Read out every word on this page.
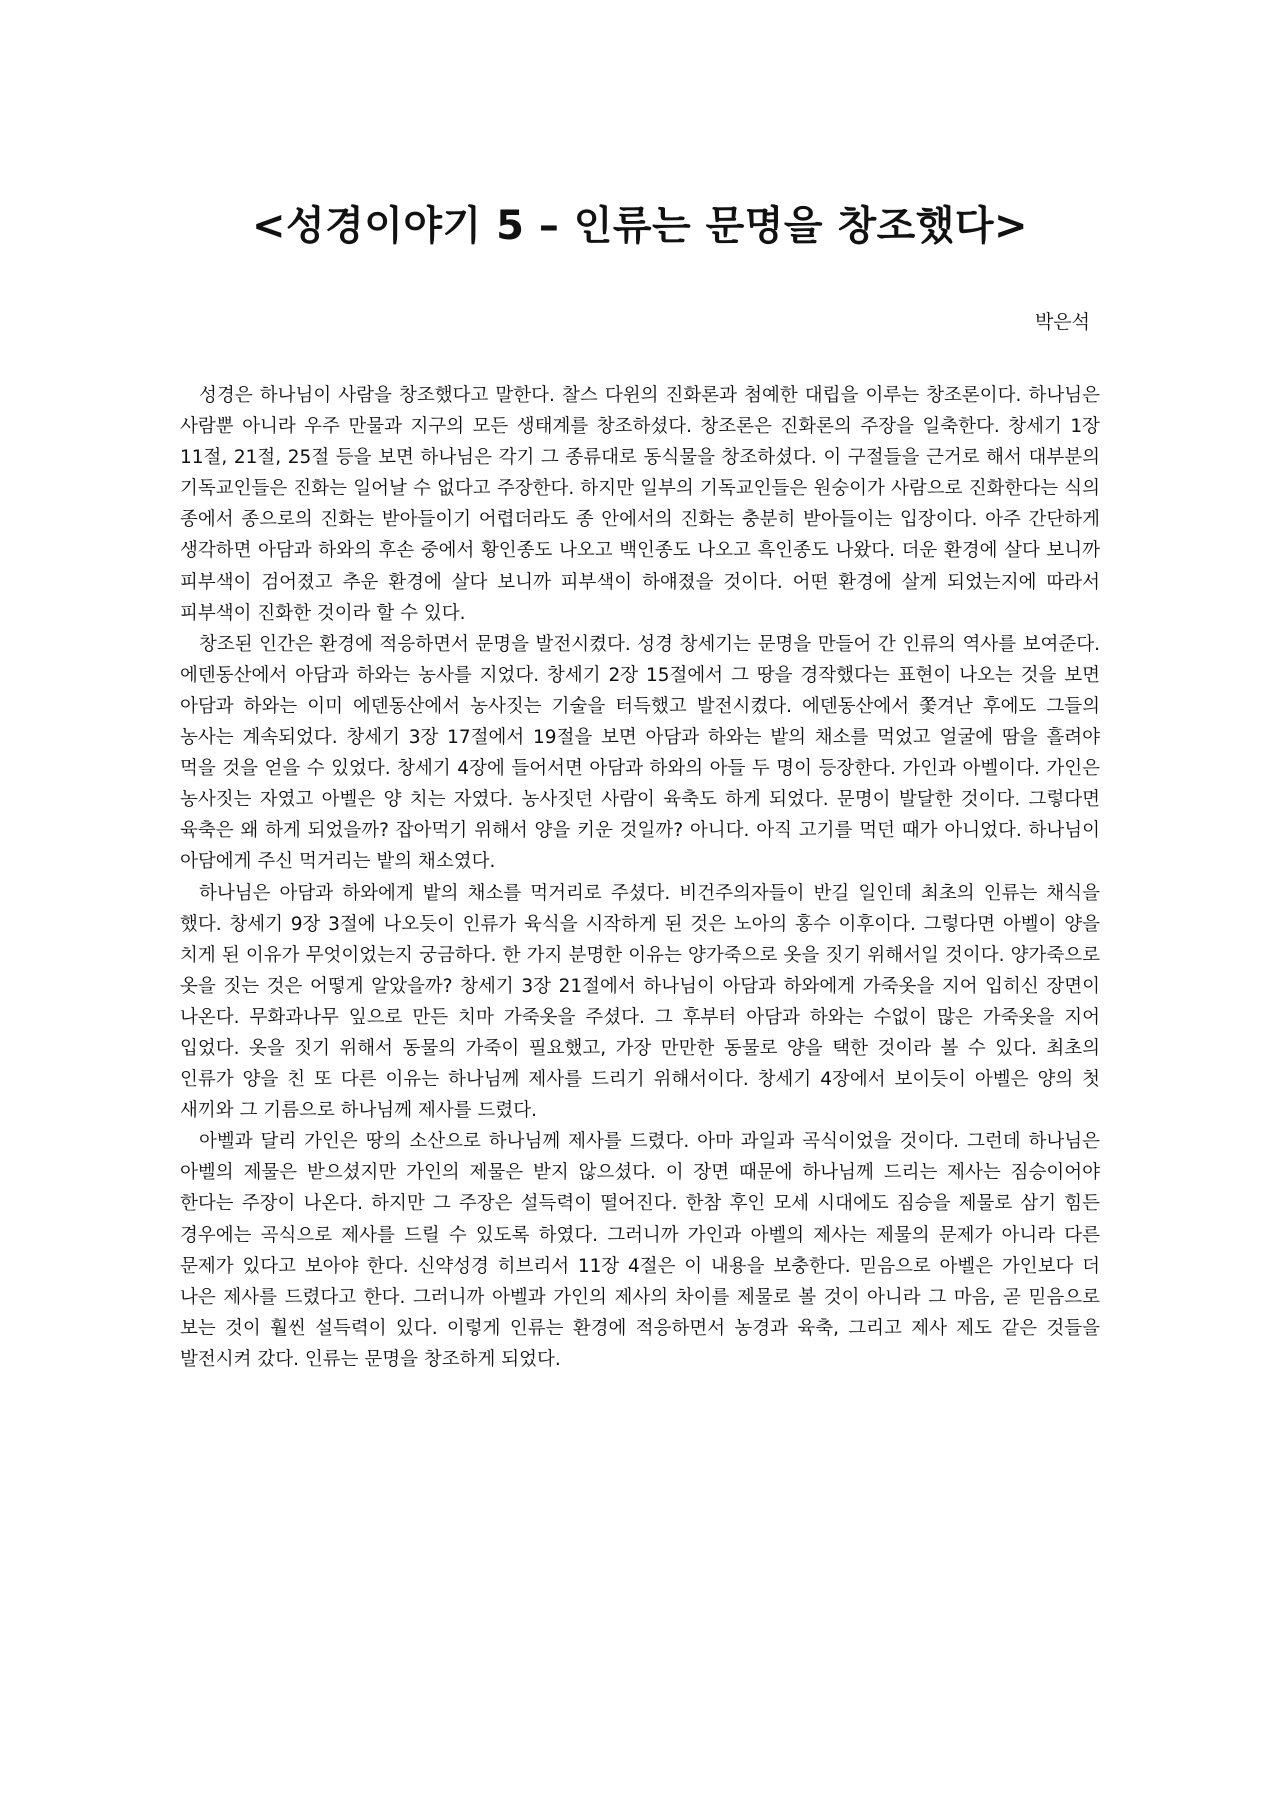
<성경이야기 5 – 인류는 문명을 창조했다>

박은석

성경은 하나님이 사람을 창조했다고 말한다. 찰스 다윈의 진화론과 첨예한 대립을 이루는 창조론이다. 하나님은 사람뿐 아니라 우주 만물과 지구의 모든 생태계를 창조하셨다. 창조론은 진화론의 주장을 일축한다. 창세기 1장 11절, 21절, 25절 등을 보면 하나님은 각기 그 종류대로 동식물을 창조하셨다. 이 구절들을 근거로 해서 대부분의 기독교인들은 진화는 일어날 수 없다고 주장한다. 하지만 일부의 기독교인들은 원숭이가 사람으로 진화한다는 식의 종에서 종으로의 진화는 받아들이기 어렵더라도 종 안에서의 진화는 충분히 받아들이는 입장이다. 아주 간단하게 생각하면 아담과 하와의 후손 중에서 황인종도 나오고 백인종도 나오고 흑인종도 나왔다. 더운 환경에 살다 보니까 피부색이 검어졌고 추운 환경에 살다 보니까 피부색이 하얘졌을 것이다. 어떤 환경에 살게 되었는지에 따라서 피부색이 진화한 것이라 할 수 있다.

창조된 인간은 환경에 적응하면서 문명을 발전시켰다. 성경 창세기는 문명을 만들어 간 인류의 역사를 보여준다. 에덴동산에서 아담과 하와는 농사를 지었다. 창세기 2장 15절에서 그 땅을 경작했다는 표현이 나오는 것을 보면 아담과 하와는 이미 에덴동산에서 농사짓는 기술을 터득했고 발전시켰다. 에덴동산에서 쫓겨난 후에도 그들의 농사는 계속되었다. 창세기 3장 17절에서 19절을 보면 아담과 하와는 밭의 채소를 먹었고 얼굴에 땀을 흘려야 먹을 것을 얻을 수 있었다. 창세기 4장에 들어서면 아담과 하와의 아들 두 명이 등장한다. 가인과 아벨이다. 가인은 농사짓는 자였고 아벨은 양 치는 자였다. 농사짓던 사람이 육축도 하게 되었다. 문명이 발달한 것이다. 그렇다면 육축은 왜 하게 되었을까? 잡아먹기 위해서 양을 키운 것일까? 아니다. 아직 고기를 먹던 때가 아니었다. 하나님이 아담에게 주신 먹거리는 밭의 채소였다.

하나님은 아담과 하와에게 밭의 채소를 먹거리로 주셨다. 비건주의자들이 반길 일인데 최초의 인류는 채식을 했다. 창세기 9장 3절에 나오듯이 인류가 육식을 시작하게 된 것은 노아의 홍수 이후이다. 그렇다면 아벨이 양을 치게 된 이유가 무엇이었는지 궁금하다. 한 가지 분명한 이유는 양가죽으로 옷을 짓기 위해서일 것이다. 양가죽으로 옷을 짓는 것은 어떻게 알았을까? 창세기 3장 21절에서 하나님이 아담과 하와에게 가죽옷을 지어 입히신 장면이 나온다. 무화과나무 잎으로 만든 치마 가죽옷을 주셨다. 그 후부터 아담과 하와는 수없이 많은 가죽옷을 지어 입었다. 옷을 짓기 위해서 동물의 가죽이 필요했고, 가장 만만한 동물로 양을 택한 것이라 볼 수 있다. 최초의 인류가 양을 친 또 다른 이유는 하나님께 제사를 드리기 위해서이다. 창세기 4장에서 보이듯이 아벨은 양의 첫 새끼와 그 기름으로 하나님께 제사를 드렸다.

아벨과 달리 가인은 땅의 소산으로 하나님께 제사를 드렸다. 아마 과일과 곡식이었을 것이다. 그런데 하나님은 아벨의 제물은 받으셨지만 가인의 제물은 받지 않으셨다. 이 장면 때문에 하나님께 드리는 제사는 짐승이어야 한다는 주장이 나온다. 하지만 그 주장은 설득력이 떨어진다. 한참 후인 모세 시대에도 짐승을 제물로 삼기 힘든 경우에는 곡식으로 제사를 드릴 수 있도록 하였다. 그러니까 가인과 아벨의 제사는 제물의 문제가 아니라 다른 문제가 있다고 보아야 한다. 신약성경 히브리서 11장 4절은 이 내용을 보충한다. 믿음으로 아벨은 가인보다 더 나은 제사를 드렸다고 한다. 그러니까 아벨과 가인의 제사의 차이를 제물로 볼 것이 아니라 그 마음, 곧 믿음으로 보는 것이 훨씬 설득력이 있다. 이렇게 인류는 환경에 적응하면서 농경과 육축, 그리고 제사 제도 같은 것들을 발전시켜 갔다. 인류는 문명을 창조하게 되었다.
